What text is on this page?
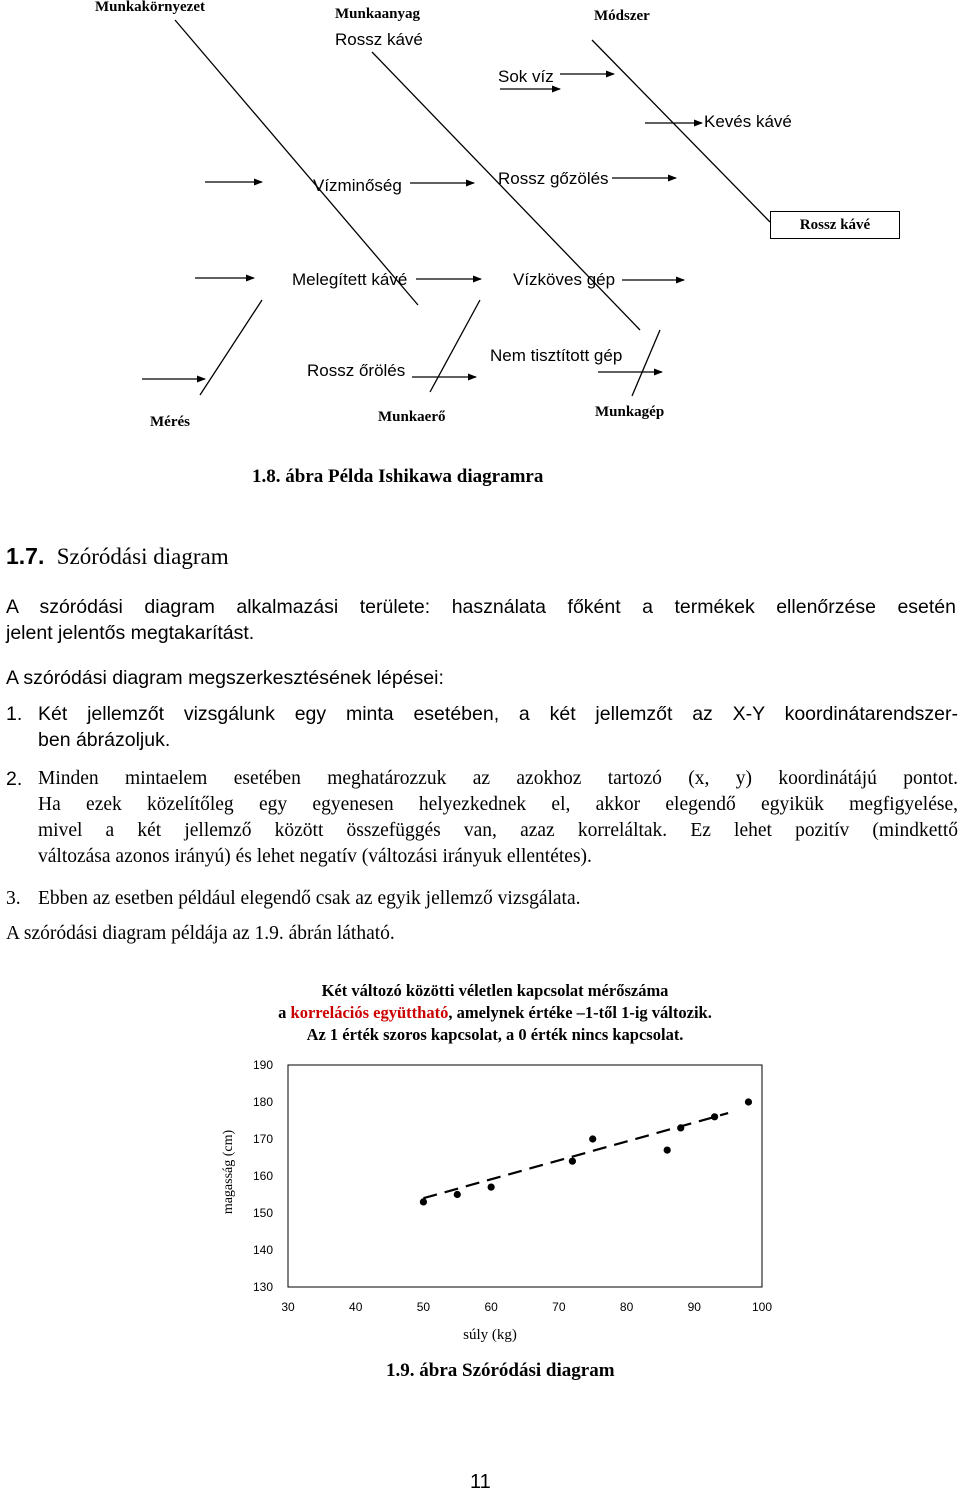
Munkakörnyezet	Munkaanyag	Módszer
Rossz kávé
Sok víz
Kevés kávé
Vízminőség	Rossz gőzölés
Rossz kávé
Melegített kávé	Vízköves gép
Nem tisztított gép
Rossz őrölés
Mérés	Munkaerő	Munkagép
1.8. ábra Példa Ishikawa diagramra
1.7. Szóródási diagram
A szóródási diagram alkalmazási területe: használata főként a termékek ellenőrzése esetén
jelent jelentős megtakarítást.
A szóródási diagram megszerkesztésének lépései:
1. Két jellemzőt vizsgálunk egy minta esetében, a két jellemzőt az X-Y koordinátarendszer-
ben ábrázoljuk.
2. Minden mintaelem esetében meghatározzuk az azokhoz tartozó (x, y) koordinátájú pontot.
Ha ezek közelítőleg egy egyenesen helyezkednek el, akkor elegendő egyikük megfigyelése,
mivel a két jellemző között összefüggés van, azaz korreláltak. Ez lehet pozitív (mindkettő
változása azonos irányú) és lehet negatív (változási irányuk ellentétes).
3. Ebben az esetben például elegendő csak az egyik jellemző vizsgálata.
A szóródási diagram példája az 1.9. ábrán látható.
Két változó közötti véletlen kapcsolat mérőszáma
a korrelációs együttható, amelynek értéke –1-től 1-ig változik.
Az 1 érték szoros kapcsolat, a 0 érték nincs kapcsolat.
130
140
150
160
170
180
190
30	40	50	60	70	80	90	100
súly (kg)
magasság (cm)
1.9. ábra Szóródási diagram
11
